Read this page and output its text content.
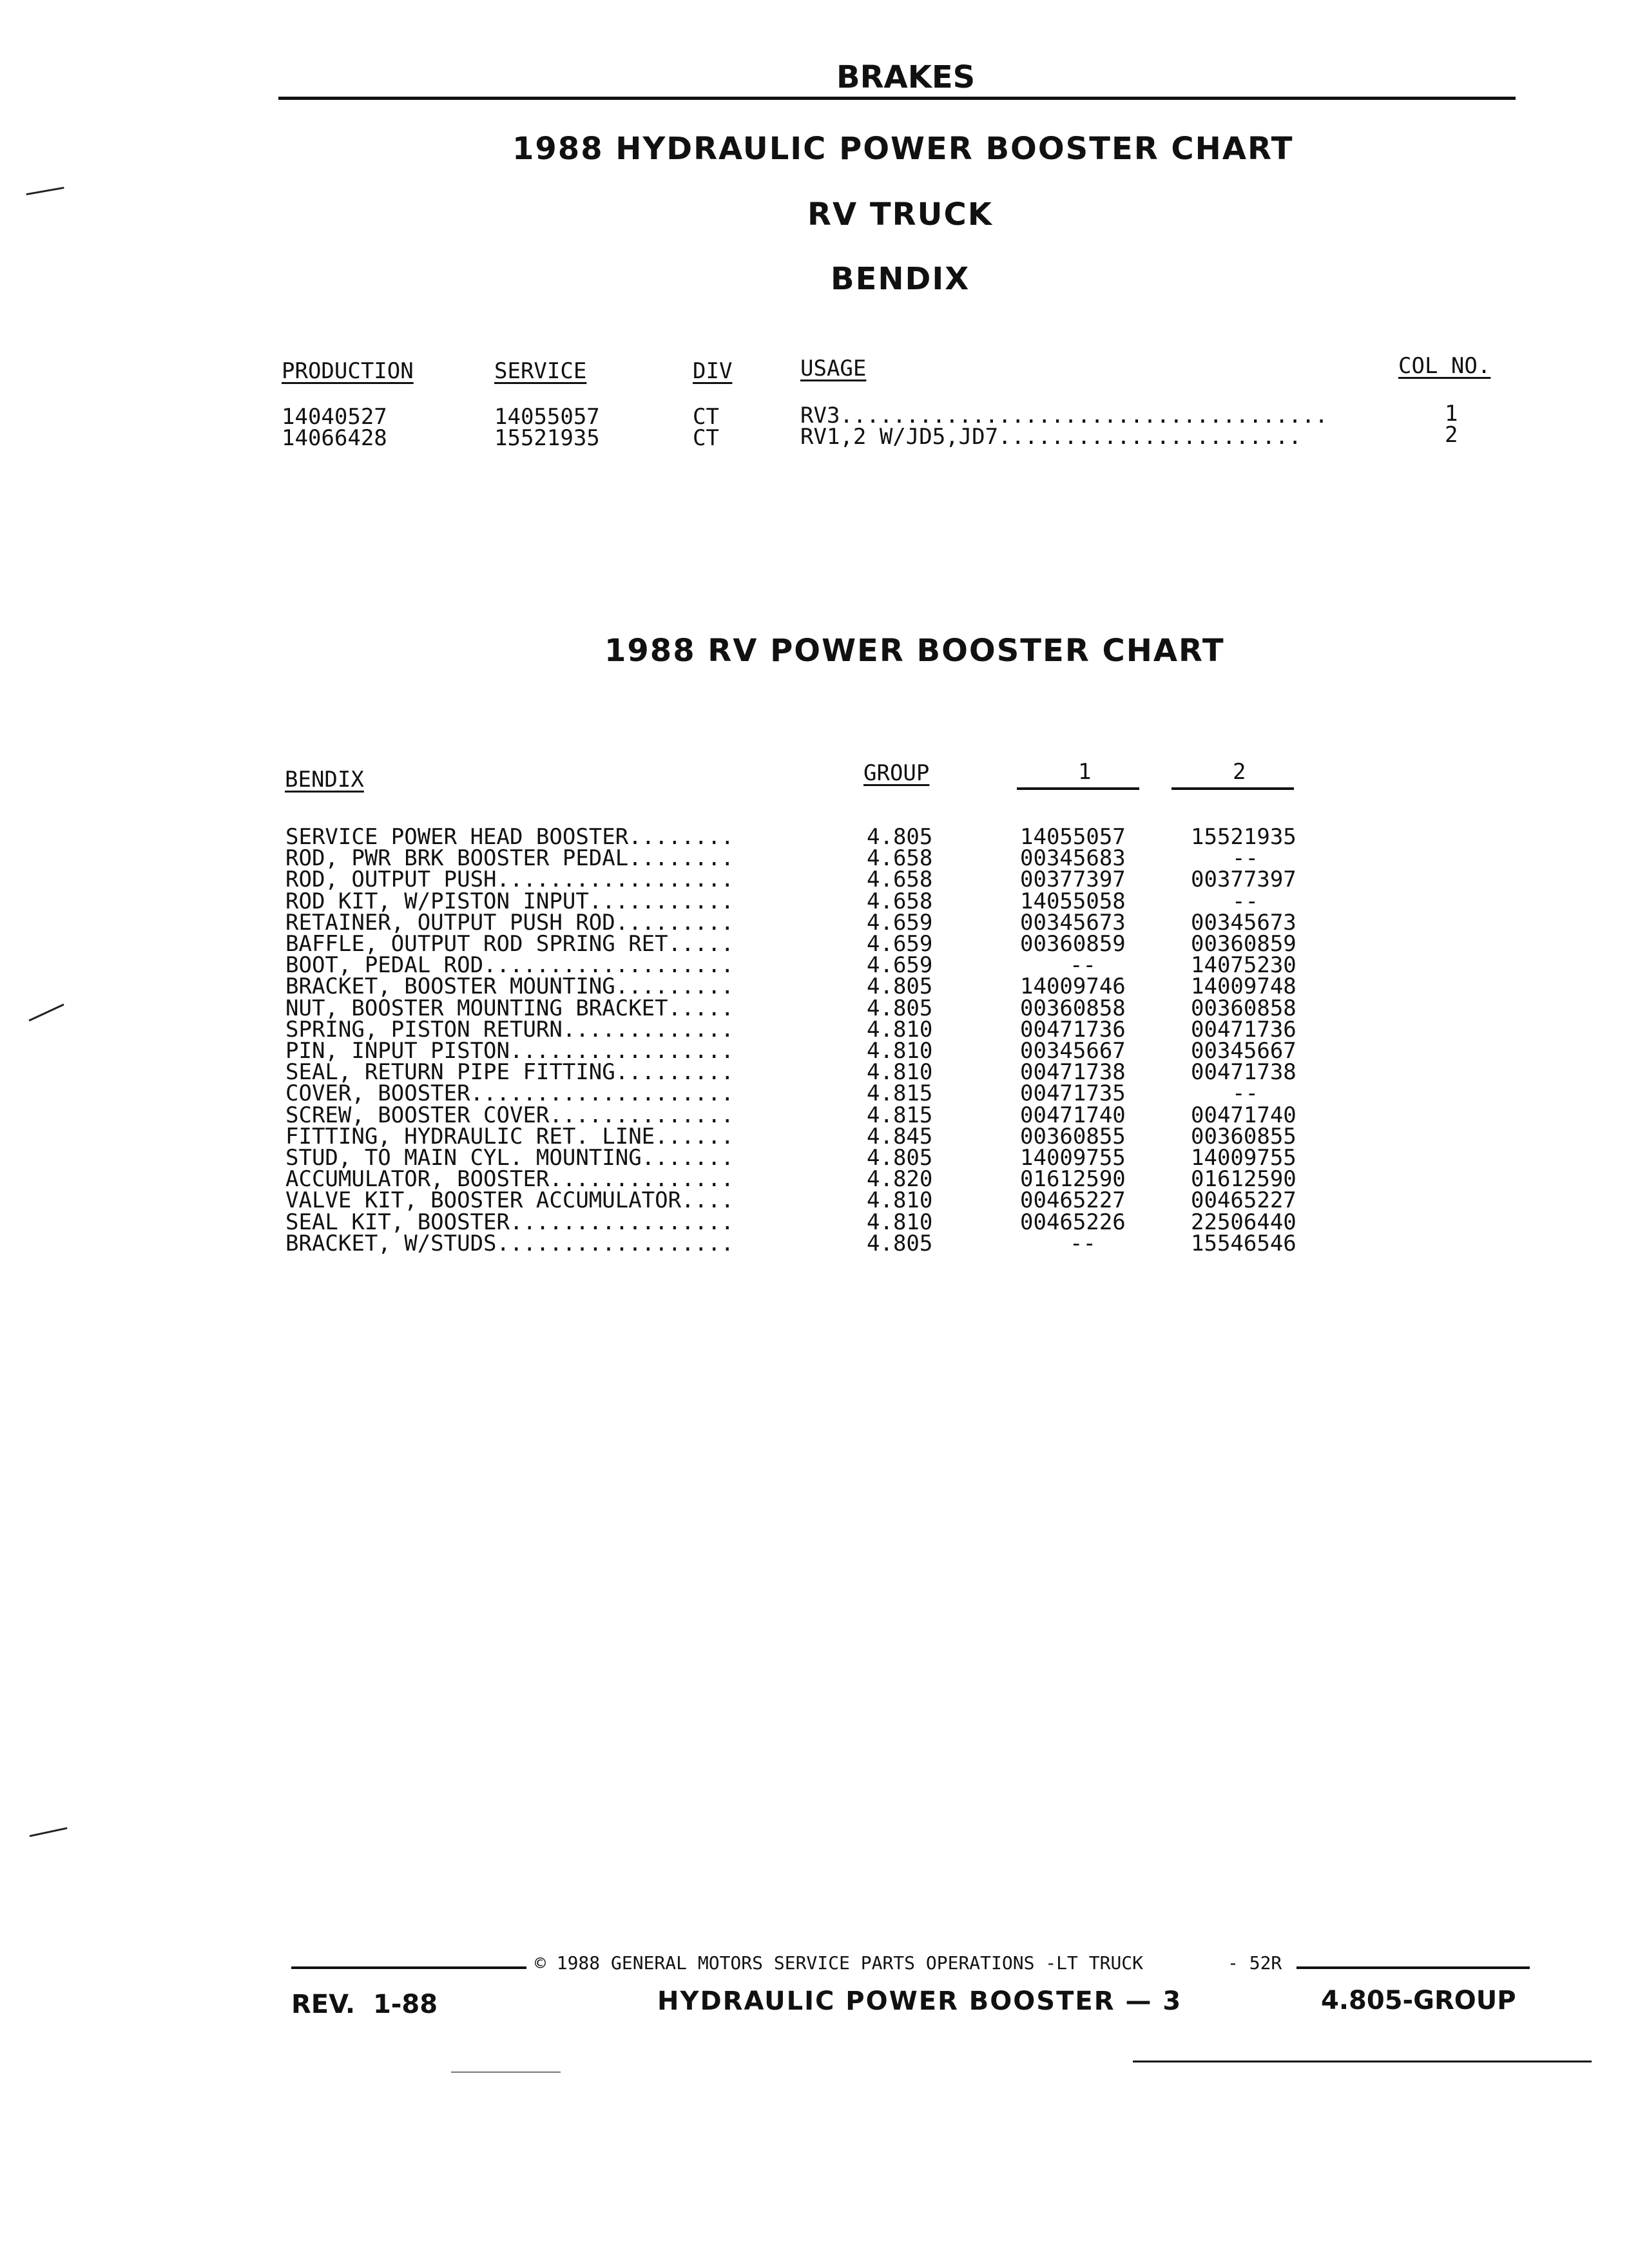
BRAKES
1988 HYDRAULIC POWER BOOSTER CHART
RV TRUCK
BENDIX
PRODUCTION	SERVICE	DIV	USAGE	COL NO.
14040527	14055057	CT	RV3.....................................	1
14066428	15521935	CT	RV1,2 W/JD5,JD7.......................	2
1988 RV POWER BOOSTER CHART
BENDIX	GROUP	1	2
SERVICE POWER HEAD BOOSTER........	4.805	14055057	15521935
ROD, PWR BRK BOOSTER PEDAL........	4.658	00345683	--
ROD, OUTPUT PUSH..................	4.658	00377397	00377397
ROD KIT, W/PISTON INPUT...........	4.658	14055058	--
RETAINER, OUTPUT PUSH ROD.........	4.659	00345673	00345673
BAFFLE, OUTPUT ROD SPRING RET.....	4.659	00360859	00360859
BOOT, PEDAL ROD...................	4.659	--	14075230
BRACKET, BOOSTER MOUNTING.........	4.805	14009746	14009748
NUT, BOOSTER MOUNTING BRACKET.....	4.805	00360858	00360858
SPRING, PISTON RETURN.............	4.810	00471736	00471736
PIN, INPUT PISTON.................	4.810	00345667	00345667
SEAL, RETURN PIPE FITTING.........	4.810	00471738	00471738
COVER, BOOSTER....................	4.815	00471735	--
SCREW, BOOSTER COVER..............	4.815	00471740	00471740
FITTING, HYDRAULIC RET. LINE......	4.845	00360855	00360855
STUD, TO MAIN CYL. MOUNTING.......	4.805	14009755	14009755
ACCUMULATOR, BOOSTER..............	4.820	01612590	01612590
VALVE KIT, BOOSTER ACCUMULATOR....	4.810	00465227	00465227
SEAL KIT, BOOSTER.................	4.810	00465226	22506440
BRACKET, W/STUDS..................	4.805	--	15546546
© 1988 GENERAL MOTORS SERVICE PARTS OPERATIONS -LT TRUCK	- 52R
REV.  1-88	HYDRAULIC POWER BOOSTER — 3	4.805-GROUP
